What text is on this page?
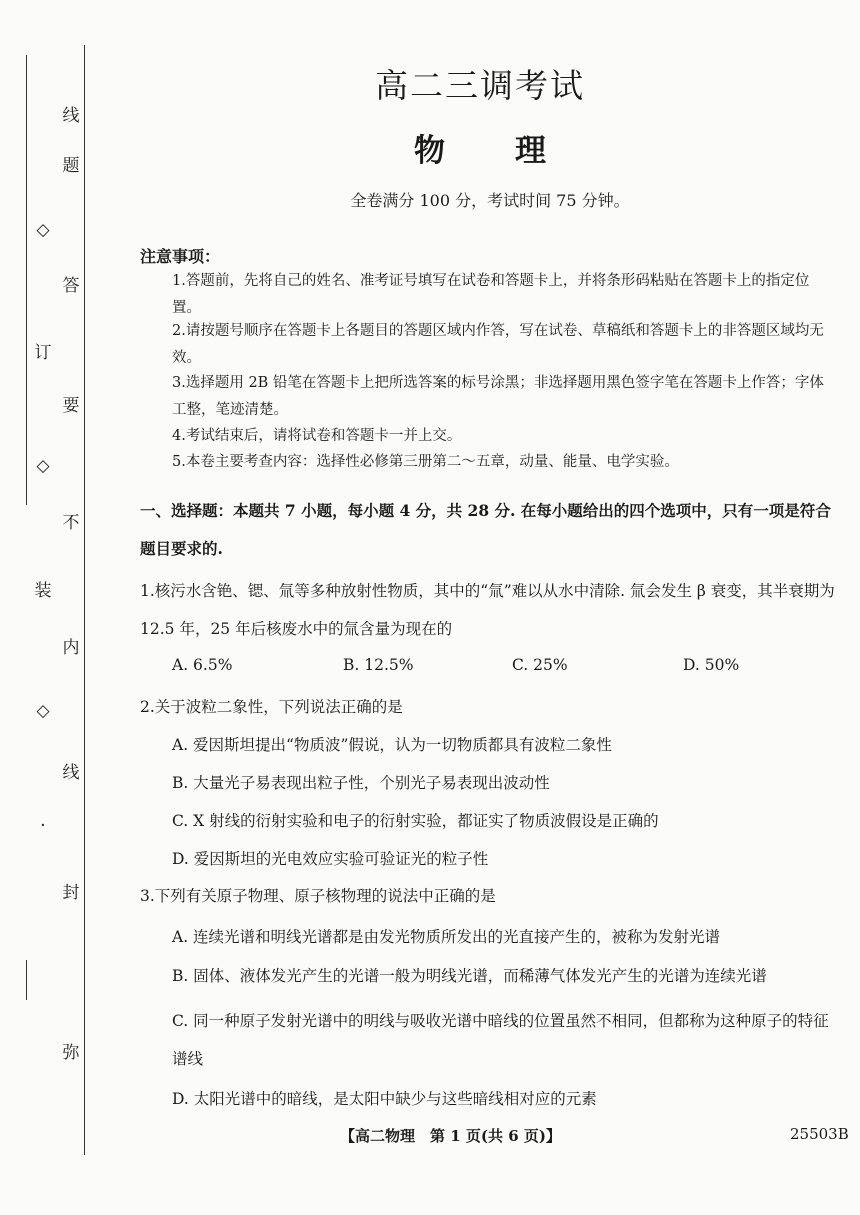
线
题
◇
答
订
要
◇
不
装
内
◇
线
·
封
弥
高二三调考试
物 理
全卷满分 100 分，考试时间 75 分钟。
注意事项：
1.答题前，先将自己的姓名、准考证号填写在试卷和答题卡上，并将条形码粘贴在答题卡上的指定位置。
2.请按题号顺序在答题卡上各题目的答题区域内作答，写在试卷、草稿纸和答题卡上的非答题区域均无效。
3.选择题用 2B 铅笔在答题卡上把所选答案的标号涂黑；非选择题用黑色签字笔在答题卡上作答；字体工整，笔迹清楚。
4.考试结束后，请将试卷和答题卡一并上交。
5.本卷主要考查内容：选择性必修第三册第二～五章，动量、能量、电学实验。
一、选择题：本题共 7 小题，每小题 4 分，共 28 分. 在每小题给出的四个选项中，只有一项是符合题目要求的.
1.核污水含铯、锶、氚等多种放射性物质，其中的“氚”难以从水中清除. 氚会发生 β 衰变，其半衰期为 12.5 年，25 年后核废水中的氚含量为现在的
A. 6.5%	B. 12.5%	C. 25%	D. 50%
2.关于波粒二象性，下列说法正确的是
A. 爱因斯坦提出“物质波”假说，认为一切物质都具有波粒二象性
B. 大量光子易表现出粒子性，个别光子易表现出波动性
C. X 射线的衍射实验和电子的衍射实验，都证实了物质波假设是正确的
D. 爱因斯坦的光电效应实验可验证光的粒子性
3.下列有关原子物理、原子核物理的说法中正确的是
A. 连续光谱和明线光谱都是由发光物质所发出的光直接产生的，被称为发射光谱
B. 固体、液体发光产生的光谱一般为明线光谱，而稀薄气体发光产生的光谱为连续光谱
C. 同一种原子发射光谱中的明线与吸收光谱中暗线的位置虽然不相同，但都称为这种原子的特征谱线
D. 太阳光谱中的暗线，是太阳中缺少与这些暗线相对应的元素
【高二物理　第 1 页(共 6 页)】	25503B
